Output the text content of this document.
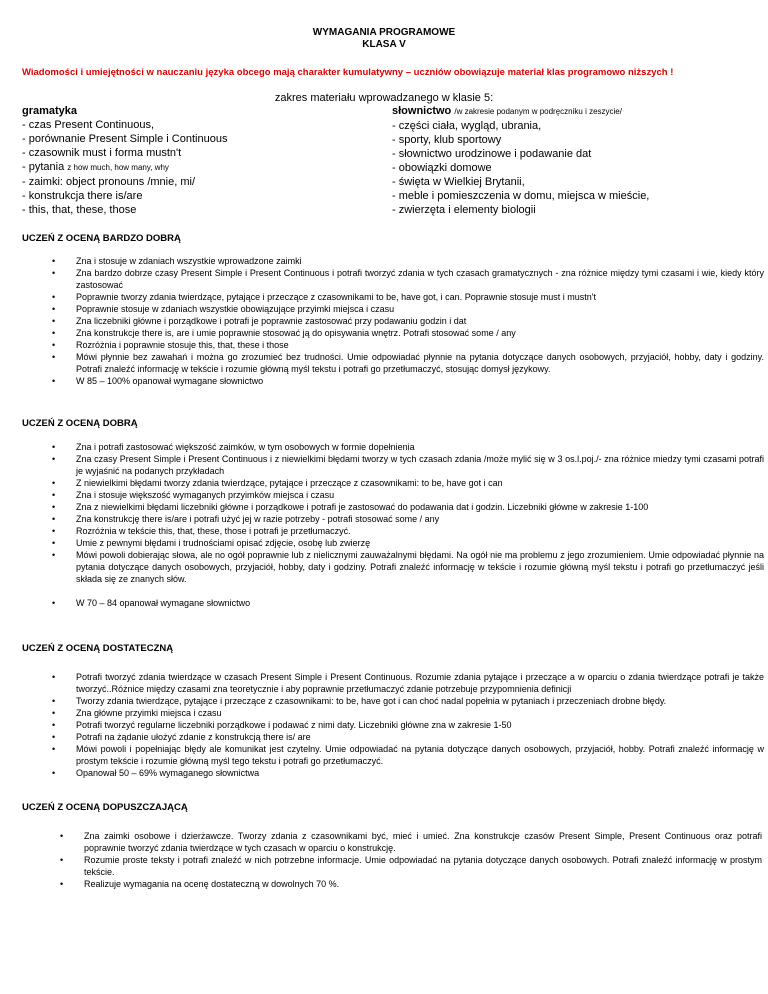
WYMAGANIA PROGRAMOWE
KLASA V
Wiadomości i umiejętności w nauczaniu języka obcego mają charakter kumulatywny – uczniów obowiązuje materiał klas programowo niższych !
zakres materiału wprowadzanego w klasie 5:
gramatyka
- czas Present Continuous,
- porównanie Present Simple i Continuous
- czasownik must i forma mustn't
- pytania z how much, how many, why
- zaimki: object pronouns /mnie, mi/
- konstrukcja there is/are
- this, that, these, those
słownictwo /w zakresie podanym w podręczniku i zeszycie/
- części ciała, wygląd, ubrania,
- sporty, klub sportowy
- słownictwo urodzinowe i podawanie dat
- obowiązki domowe
- święta w Wielkiej Brytanii,
- meble i pomieszczenia w domu, miejsca w mieście,
- zwierzęta i elementy biologii
UCZEŃ Z OCENĄ BARDZO DOBRĄ
• Zna i stosuje w zdaniach wszystkie wprowadzone zaimki
• Zna bardzo dobrze czasy Present Simple i Present Continuous i potrafi tworzyć zdania w tych czasach gramatycznych - zna różnice między tymi czasami i wie, kiedy który zastosować
• Poprawnie tworzy zdania twierdzące, pytające i przeczące z czasownikami to be, have got, i can. Poprawnie stosuje must i mustn't
• Poprawnie stosuje w zdaniach wszystkie obowiązujące przyimki miejsca i czasu
• Zna liczebniki główne i porządkowe i potrafi je poprawnie zastosować przy podawaniu godzin i dat
• Zna konstrukcje there is, are i umie poprawnie stosować ją do opisywania wnętrz. Potrafi stosować some / any
• Rozróżnia i poprawnie stosuje this, that, these i those
• Mówi płynnie bez zawahań i można go zrozumieć bez trudności. Umie odpowiadać płynnie na pytania dotyczące danych osobowych, przyjaciół, hobby, daty i godziny. Potrafi znaleźć informację w tekście i rozumie główną myśl tekstu i potrafi go przetłumaczyć, stosując domysł językowy.
• W 85 – 100% opanował wymagane słownictwo
UCZEŃ Z OCENĄ DOBRĄ
• Zna i potrafi zastosować większość zaimków, w tym osobowych w formie dopełnienia
• Zna czasy Present Simple i Present Continuous i z niewielkimi błędami tworzy w tych czasach zdania /może mylić się w 3 os.l.poj./- zna różnice miedzy tymi czasami potrafi je wyjaśnić na podanych przykładach
• Z niewielkimi błędami tworzy zdania twierdzące, pytające i przeczące z czasownikami: to be, have got i can
• Zna i stosuje większość wymaganych przyimków miejsca i czasu
• Zna z niewielkimi błędami liczebniki główne i porządkowe i potrafi je zastosować do podawania dat i godzin. Liczebniki główne w zakresie 1-100
• Zna konstrukcję there is/are i potrafi użyć jej w razie potrzeby - potrafi stosować some / any
• Rozróżnia w tekście this, that, these, those i potrafi je przetłumaczyć.
• Umie z pewnymi błędami i trudnościami opisać zdjęcie, osobę lub zwierzę
• Mówi powoli dobierając słowa, ale no ogół poprawnie lub z nielicznymi zauważalnymi błędami. Na ogół nie ma problemu z jego zrozumieniem. Umie odpowiadać płynnie na pytania dotyczące danych osobowych, przyjaciół, hobby, daty i godziny. Potrafi znaleźć informację w tekście i rozumie główną myśl tekstu i potrafi go przetłumaczyć jeśli składa się ze znanych słów.
• W 70 – 84 opanował wymagane słownictwo
UCZEŃ Z OCENĄ DOSTATECZNĄ
• Potrafi tworzyć zdania twierdzące w czasach Present Simple i Present Continuous. Rozumie zdania pytające i przeczące a w oparciu o zdania twierdzące potrafi je także tworzyć..Różnice między czasami zna teoretycznie i aby poprawnie przetłumaczyć zdanie potrzebuje przypomnienia definicji
• Tworzy zdania twierdzące, pytające i przeczące z czasownikami: to be, have got i can choć nadal popełnia w pytaniach i przeczeniach drobne błędy.
• Zna główne przyimki miejsca i czasu
• Potrafi tworzyć regularne liczebniki porządkowe i podawać z nimi daty. Liczebniki główne zna w zakresie 1-50
• Potrafi na żądanie ułożyć zdanie z konstrukcją there is/ are
• Mówi powoli i popełniając błędy ale komunikat jest czytelny. Umie odpowiadać na pytania dotyczące danych osobowych, przyjaciół, hobby. Potrafi znaleźć informację w prostym tekście i rozumie główną myśl tego tekstu i potrafi go przetłumaczyć.
• Opanował 50 – 69% wymaganego słownictwa
UCZEŃ Z OCENĄ DOPUSZCZAJĄCĄ
• Zna zaimki osobowe i dzierżawcze. Tworzy zdania z czasownikami być, mieć i umieć. Zna konstrukcje czasów Present Simple, Present Continuous oraz potrafi poprawnie tworzyć zdania twierdzące w tych czasach w oparciu o konstrukcję.
• Rozumie proste teksty i potrafi znaleźć w nich potrzebne informacje. Umie odpowiadać na pytania dotyczące danych osobowych. Potrafi znaleźć informację w prostym tekście.
• Realizuje wymagania na ocenę dostateczną w dowolnych 70 %.
